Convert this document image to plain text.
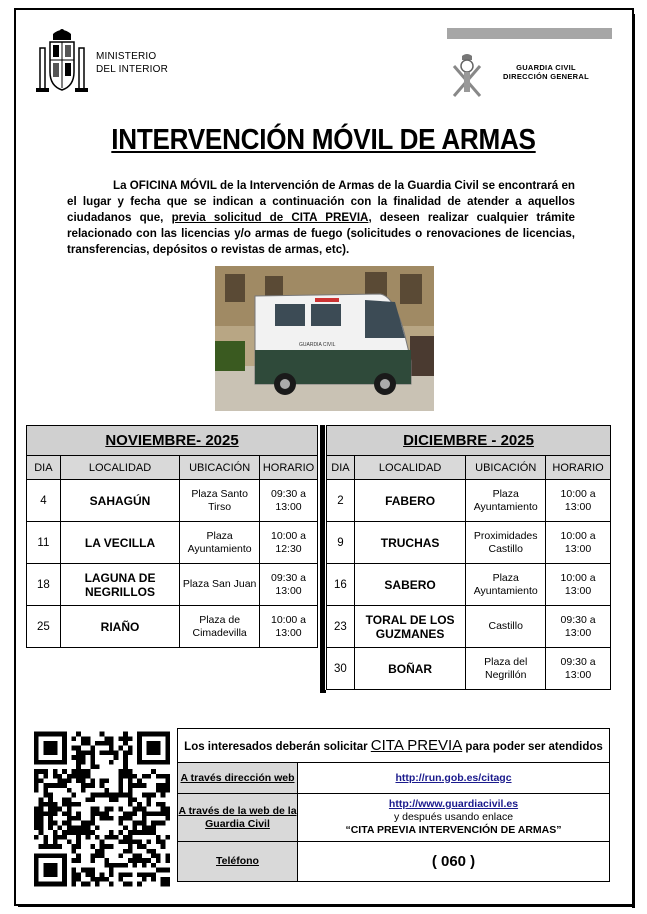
MINISTERIO
DEL INTERIOR	GUARDIA CIVIL
DIRECCIÓN GENERAL
INTERVENCIÓN MÓVIL DE ARMAS
La OFICINA MÓVIL de la Intervención de Armas de la Guardia Civil se encontrará en el lugar y fecha que se indican a continuación con la finalidad de atender a aquellos ciudadanos que, previa solicitud de CITA PREVIA, deseen realizar cualquier trámite relacionado con las licencias y/o armas de fuego (solicitudes o renovaciones de licencias, transferencias, depósitos o revistas de armas, etc).
GUARDIA CIVIL
NOVIEMBRE- 2025			
DIA	LOCALIDAD	UBICACIÓN	HORARIO
4	SAHAGÚN	Plaza Santo Tirso	09:30 a 13:00
11	LA VECILLA	Plaza Ayuntamiento	10:00 a 12:30
18	LAGUNA DE NEGRILLOS	Plaza San Juan	09:30 a 13:00
25	RIAÑO	Plaza de Cimadevilla	10:00 a 13:00
DICIEMBRE - 2025			
DIA	LOCALIDAD	UBICACIÓN	HORARIO
2	FABERO	Plaza Ayuntamiento	10:00 a 13:00
9	TRUCHAS	Proximidades Castillo	10:00 a 13:00
16	SABERO	Plaza Ayuntamiento	10:00 a 13:00
23	TORAL DE LOS GUZMANES	Castillo	09:30 a 13:00
30	BOÑAR	Plaza del Negrillón	09:30 a 13:00
Los interesados deberán solicitar CITA PREVIA para poder ser atendidos	
A través dirección web	http://run.gob.es/citagc
A través de la web de la Guardia Civil	http://www.guardiacivil.es
y después usando enlace
“CITA PREVIA INTERVENCIÓN DE ARMAS”

Teléfono	( 060 )
